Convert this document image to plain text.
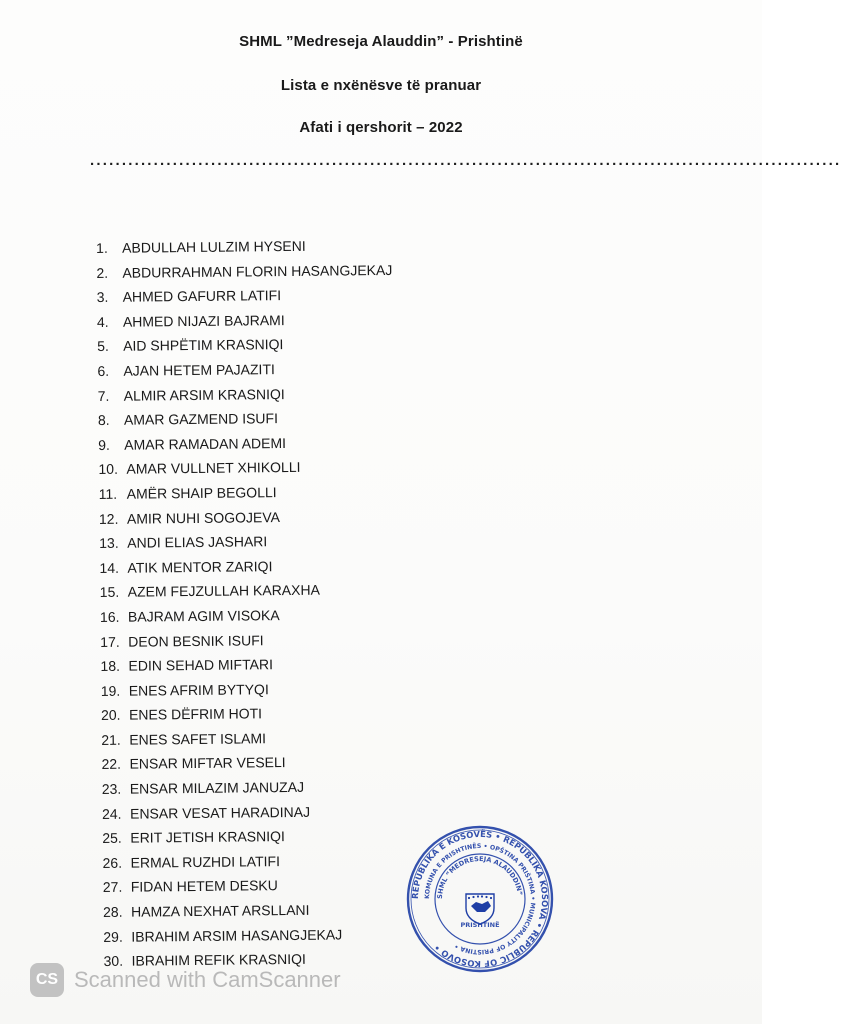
SHML ”Medreseja Alauddin” - Prishtinë
Lista e nxënësve të pranuar
Afati i qershorit – 2022
......................................................................................................................
1.	ABDULLAH LULZIM HYSENI
2.	ABDURRAHMAN FLORIN HASANGJEKAJ
3.	AHMED GAFURR LATIFI
4.	AHMED NIJAZI BAJRAMI
5.	AID SHPËTIM KRASNIQI
6.	AJAN HETEM PAJAZITI
7.	ALMIR ARSIM KRASNIQI
8.	AMAR GAZMEND ISUFI
9.	AMAR RAMADAN ADEMI
10. AMAR VULLNET XHIKOLLI
11. AMËR SHAIP BEGOLLI
12. AMIR NUHI SOGOJEVA
13. ANDI ELIAS JASHARI
14. ATIK MENTOR ZARIQI
15. AZEM FEJZULLAH KARAXHA
16. BAJRAM AGIM VISOKA
17. DEON BESNIK ISUFI
18. EDIN SEHAD MIFTARI
19. ENES AFRIM BYTYQI
20. ENES DËFRIM HOTI
21. ENES SAFET ISLAMI
22. ENSAR MIFTAR VESELI
23. ENSAR MILAZIM JANUZAJ
24. ENSAR VESAT HARADINAJ
25. ERIT JETISH KRASNIQI
26. ERMAL RUZHDI LATIFI
27. FIDAN HETEM DESKU
28. HAMZA NEXHAT ARSLLANI
29. IBRAHIM ARSIM HASANGJEKAJ
30. IBRAHIM REFIK KRASNIQI
REPUBLIKA E KOSOVËS • REPUBLIKA KOSOVA • REPUBLIC OF KOSOVO •
KOMUNA E PRISHTINËS • OPŠTINA PRIŠTINA • MUNICIPALITY OF PRISTINA •
SHML “MEDRESEJA ALAUDDIN”
PRISHTINË
CS Scanned with CamScanner
